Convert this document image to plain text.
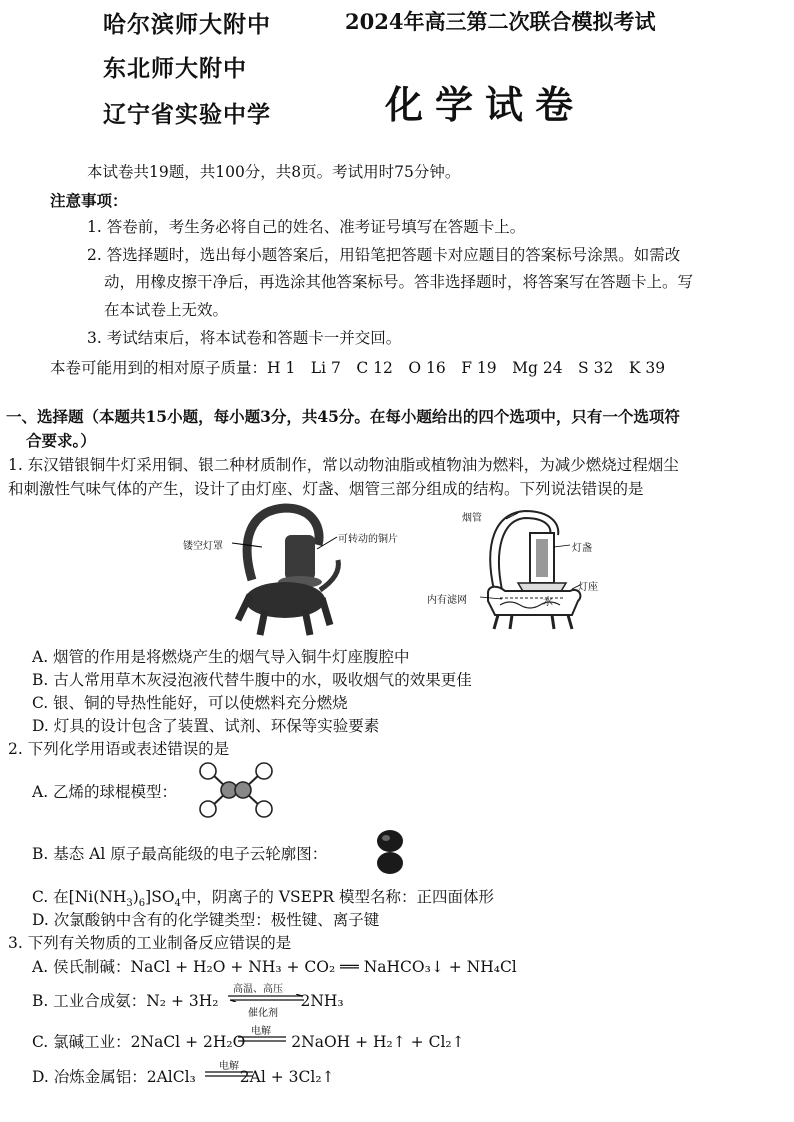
哈尔滨师大附中
东北师大附中
辽宁省实验中学
2024年高三第二次联合模拟考试
化学试卷
本试卷共19题，共100分，共8页。考试用时75分钟。
注意事项：
1. 答卷前，考生务必将自己的姓名、准考证号填写在答题卡上。
2. 答选择题时，选出每小题答案后，用铅笔把答题卡对应题目的答案标号涂黑。如需改
动，用橡皮擦干净后，再选涂其他答案标号。答非选择题时，将答案写在答题卡上。写
在本试卷上无效。
3. 考试结束后，将本试卷和答题卡一并交回。
本卷可能用到的相对原子质量：H 1　Li 7　C 12　O 16　F 19　Mg 24　S 32　K 39
一、选择题（本题共15小题，每小题3分，共45分。在每小题给出的四个选项中，只有一个选项符
合要求。）
1. 东汉错银铜牛灯采用铜、银二种材质制作，常以动物油脂或植物油为燃料，为减少燃烧过程烟尘
和刺激性气味气体的产生，设计了由灯座、灯盏、烟管三部分组成的结构。下列说法错误的是
镂空灯罩
可转动的铜片
烟管
灯盏
内有滤网	水
灯座
A. 烟管的作用是将燃烧产生的烟气导入铜牛灯座腹腔中
B. 古人常用草木灰浸泡液代替牛腹中的水，吸收烟气的效果更佳
C. 银、铜的导热性能好，可以使燃料充分燃烧
D. 灯具的设计包含了装置、试剂、环保等实验要素
2. 下列化学用语或表述错误的是
A. 乙烯的球棍模型：
B. 基态 Al 原子最高能级的电子云轮廓图：
C. 在$[Ni(NH_3)_6]SO_4$中，阴离子的 VSEPR 模型名称：正四面体形
D. 次氯酸钠中含有的化学键类型：极性键、离子键
3. 下列有关物质的工业制备反应错误的是
A. 侯氏制碱：NaCl + H₂O + NH₃ + CO₂ ══ NaHCO₃↓ + NH₄Cl
B. 工业合成氨：N₂ + 3H₂	2NH₃
高温、高压
催化剂
C. 氯碱工业：2NaCl + 2H₂O	2NaOH + H₂↑ + Cl₂↑
电解
D. 冶炼金属铝：2AlCl₃	2Al + 3Cl₂↑
电解
